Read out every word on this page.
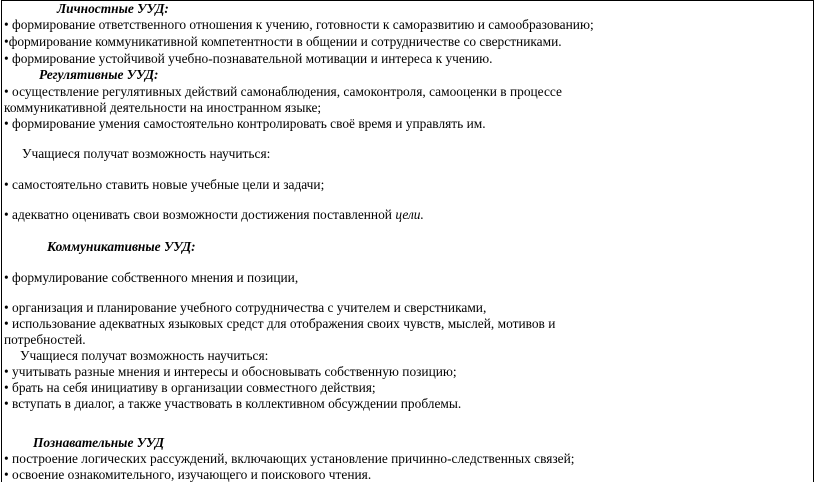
Личностные УУД:
• формирование ответственного отношения к учению, готовности к саморазвитию и самообразованию;
•формирование коммуникативной компетентности в общении и сотрудничестве со сверстниками.
• формирование устойчивой учебно-познавательной мотивации и интереса к учению.
Регулятивные УУД:
• осуществление регулятивных действий самонаблюдения, самоконтроля, самооценки в процессе
коммуникативной деятельности на иностранном языке;
• формирование умения самостоятельно контролировать своё время и управлять им.
Учащиеся получат возможность научиться:
• самостоятельно ставить новые учебные цели и задачи;
• адекватно оценивать свои возможности достижения поставленной цели.
Коммуникативные УУД:
• формулирование собственного мнения и позиции,
• организация и планирование учебного сотрудничества с учителем и сверстниками,
• использование адекватных языковых средст для отображения своих чувств, мыслей, мотивов и
потребностей.
Учащиеся получат возможность научиться:
• учитывать разные мнения и интересы и обосновывать собственную позицию;
• брать на себя инициативу в организации совместного действия;
• вступать в диалог, а также участвовать в коллективном обсуждении проблемы.
Познавательные УУД
• построение логических рассуждений, включающих установление причинно-следственных связей;
• освоение ознакомительного, изучающего и поискового чтения.
